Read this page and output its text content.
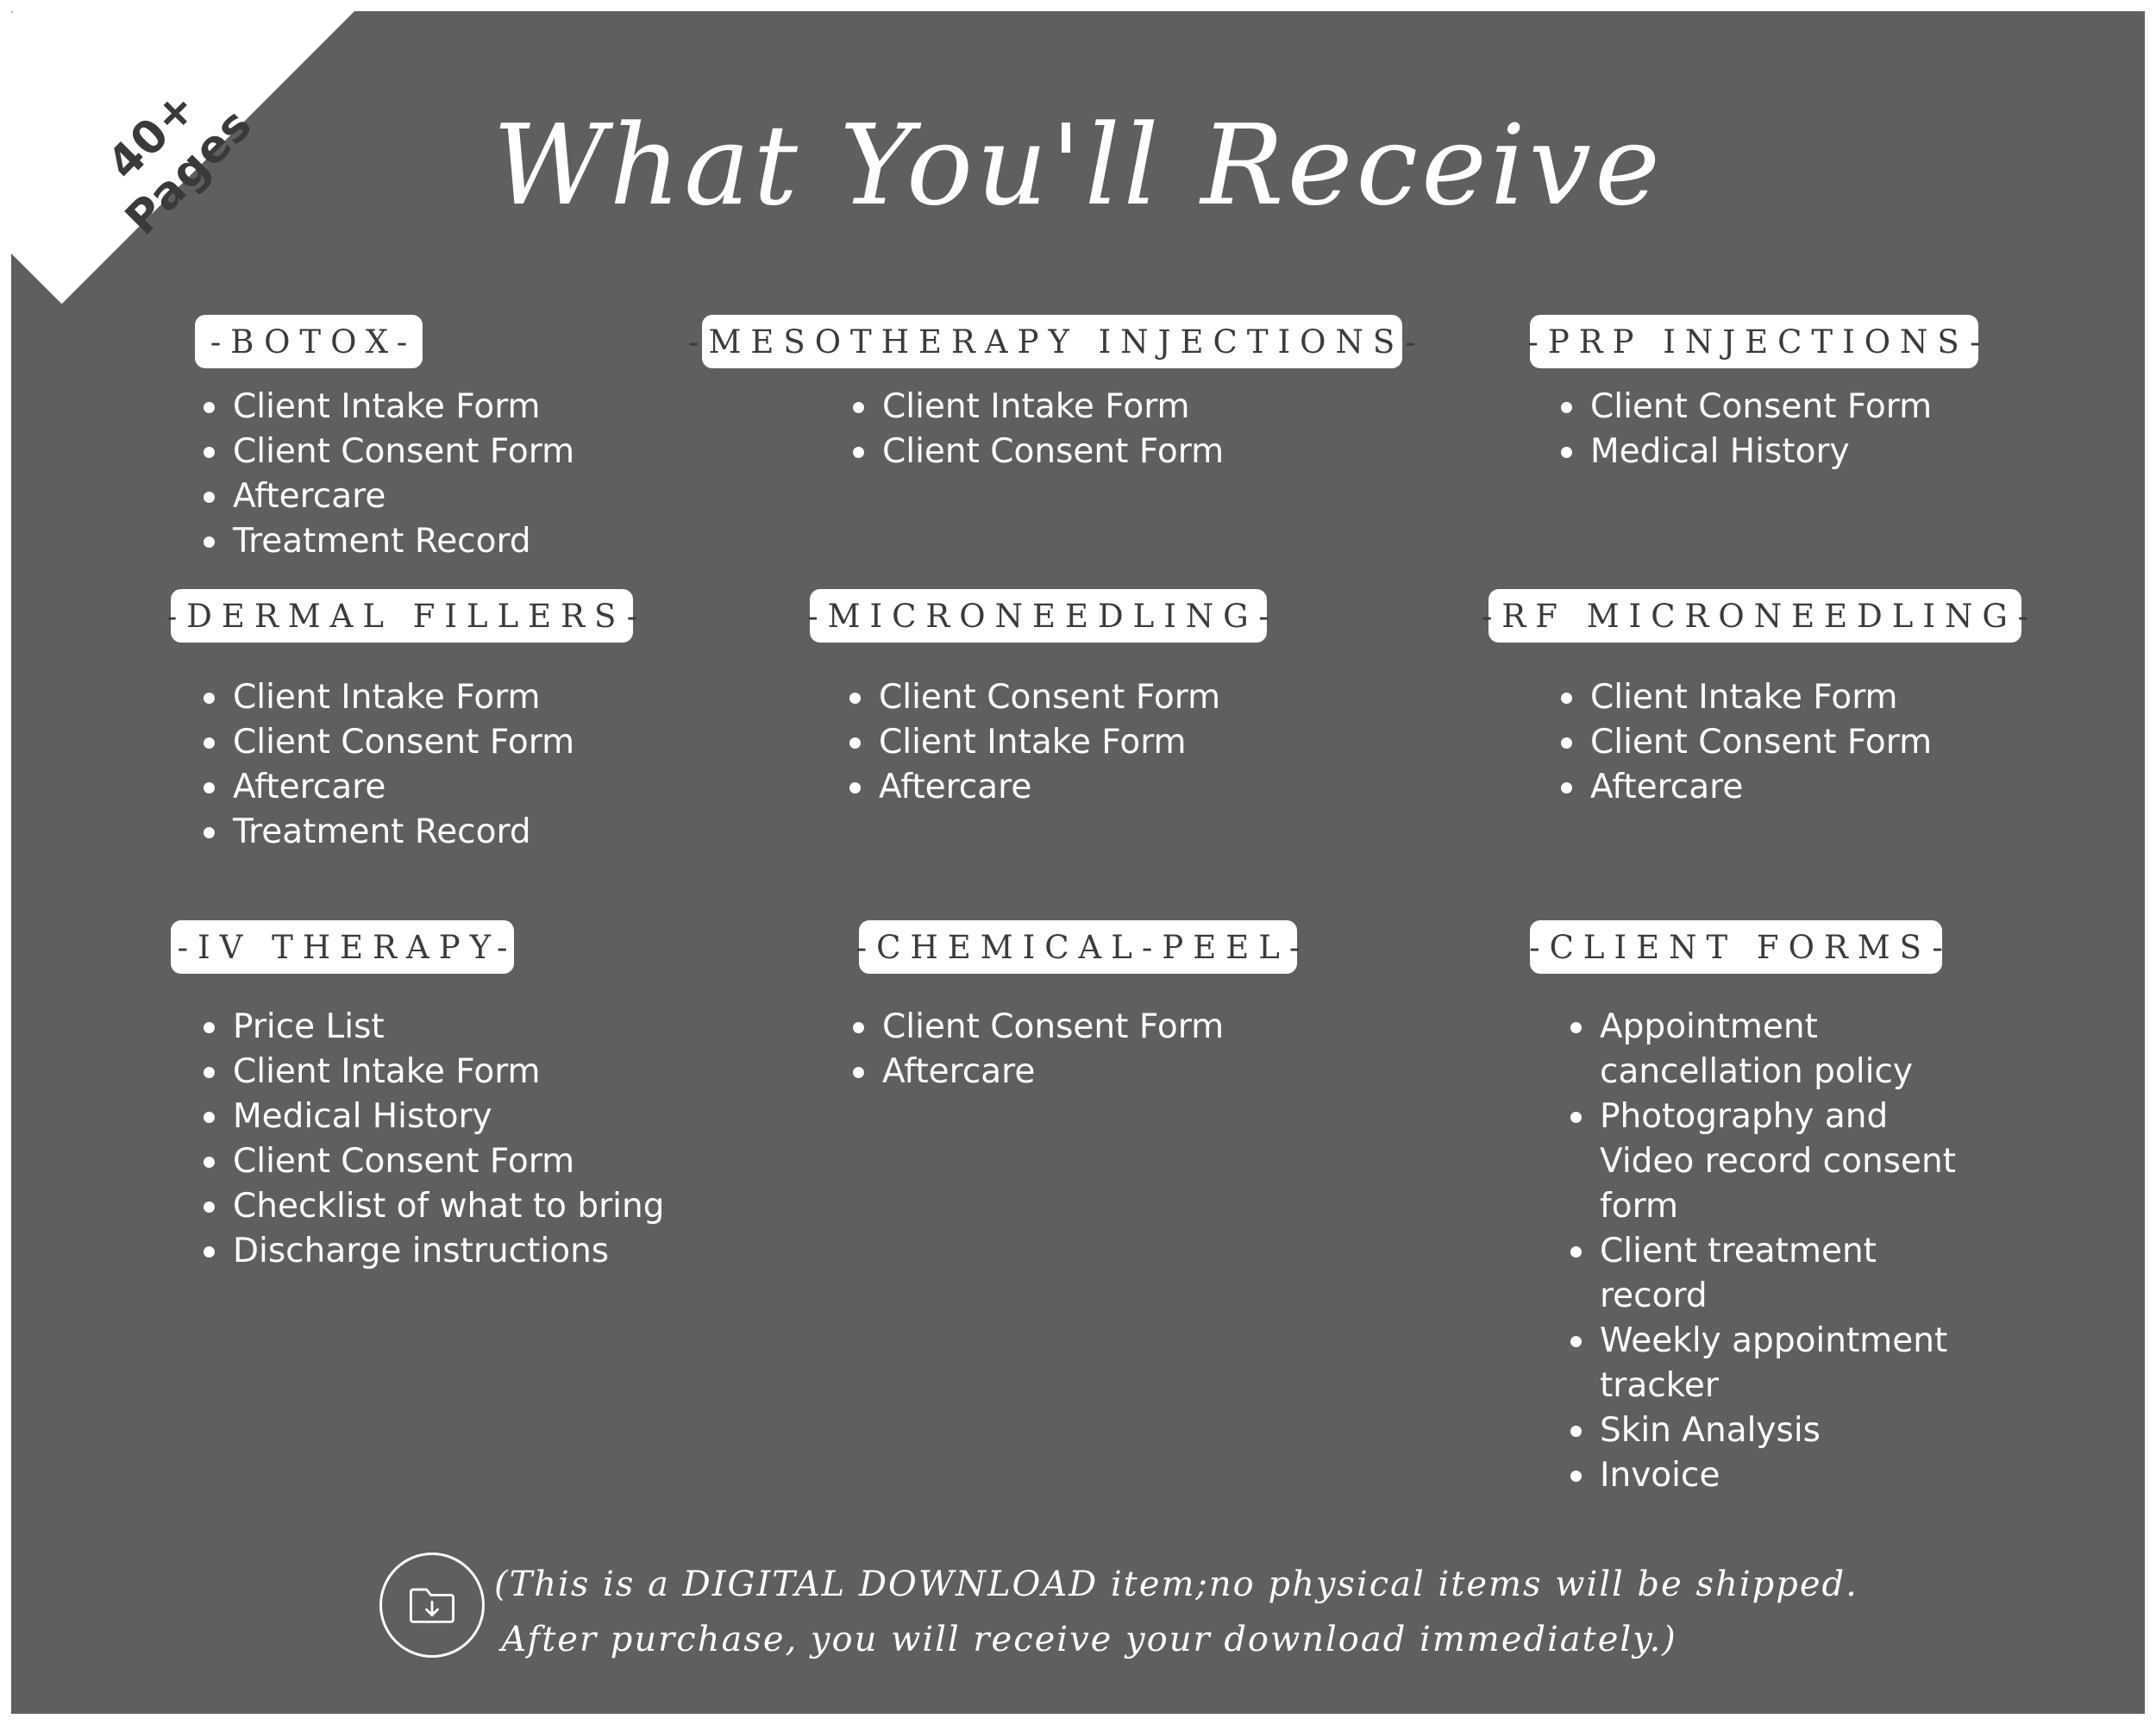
40+ Pages	What You'll Receive
-BOTOX-
Client Intake Form
Client Consent Form
Aftercare
Treatment Record
-MESOTHERAPY INJECTIONS-
Client Intake Form
Client Consent Form
-PRP INJECTIONS-
Client Consent Form
Medical History
-DERMAL FILLERS-
Client Intake Form
Client Consent Form
Aftercare
Treatment Record
-MICRONEEDLING-
Client Consent Form
Client Intake Form
Aftercare
-RF MICRONEEDLING-
Client Intake Form
Client Consent Form
Aftercare
-IV THERAPY-
Price List
Client Intake Form
Medical History
Client Consent Form
Checklist of what to bring
Discharge instructions
-CHEMICAL-PEEL-
Client Consent Form
Aftercare
-CLIENT FORMS-
Appointment cancellation policy
Photography and Video record consent form
Client treatment record
Weekly appointment tracker
Skin Analysis
Invoice
(This is a DIGITAL DOWNLOAD item;no physical items will be shipped.
After purchase, you will receive your download immediately.)
